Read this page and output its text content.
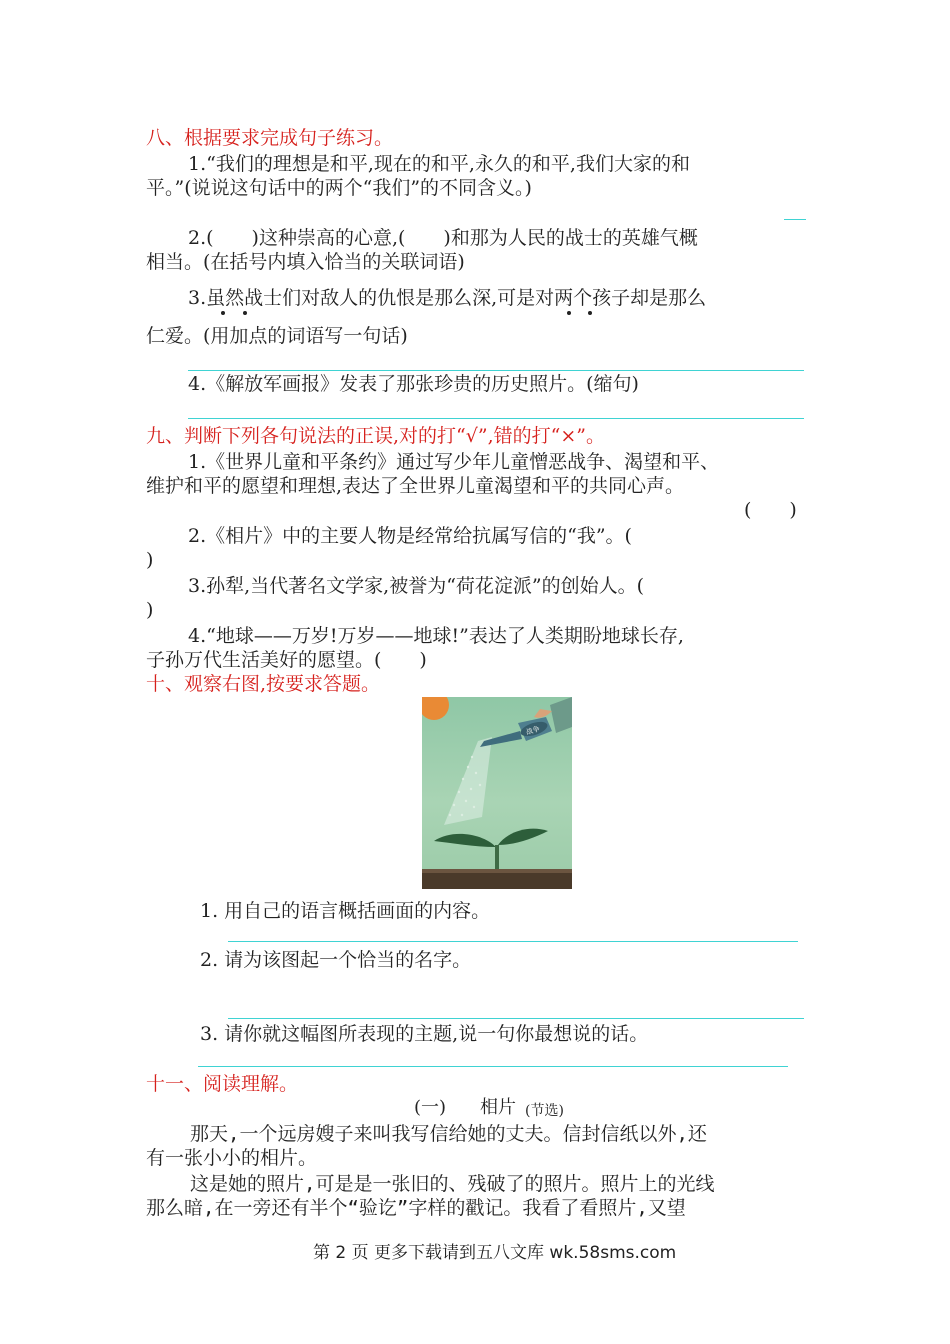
八、根据要求完成句子练习。
1.“我们的理想是和平,现在的和平,永久的和平,我们大家的和
平。”(说说这句话中的两个“我们”的不同含义。)
2.(　　)这种崇高的心意,(　　)和那为人民的战士的英雄气概
相当。(在括号内填入恰当的关联词语)
3.虽然战士们对敌人的仇恨是那么深,可是对两个孩子却是那么
仁爱。(用加点的词语写一句话)
4.《解放军画报》发表了那张珍贵的历史照片。(缩句)
九、判断下列各句说法的正误,对的打“√”,错的打“×”。
1.《世界儿童和平条约》通过写少年儿童憎恶战争、渴望和平、
维护和平的愿望和理想,表达了全世界儿童渴望和平的共同心声。
(　　)
2.《相片》中的主要人物是经常给抗属写信的“我”。(
)
3.孙犁,当代著名文学家,被誉为“荷花淀派”的创始人。(
)
4.“地球——万岁!万岁——地球!”表达了人类期盼地球长存,
子孙万代生活美好的愿望。(　　)
十、观察右图,按要求答题。
战争
1. 用自己的语言概括画面的内容。
2. 请为该图起一个恰当的名字。
3. 请你就这幅图所表现的主题,说一句你最想说的话。
十一、阅读理解。
(一) 相片 (节选)
那天,一个远房嫂子来叫我写信给她的丈夫。信封信纸以外,还
有一张小小的相片。
这是她的照片,可是是一张旧的、残破了的照片。照片上的光线
那么暗,在一旁还有半个“验讫”字样的戳记。我看了看照片,又望
第 2 页 更多下载请到五八文库 wk.58sms.com
